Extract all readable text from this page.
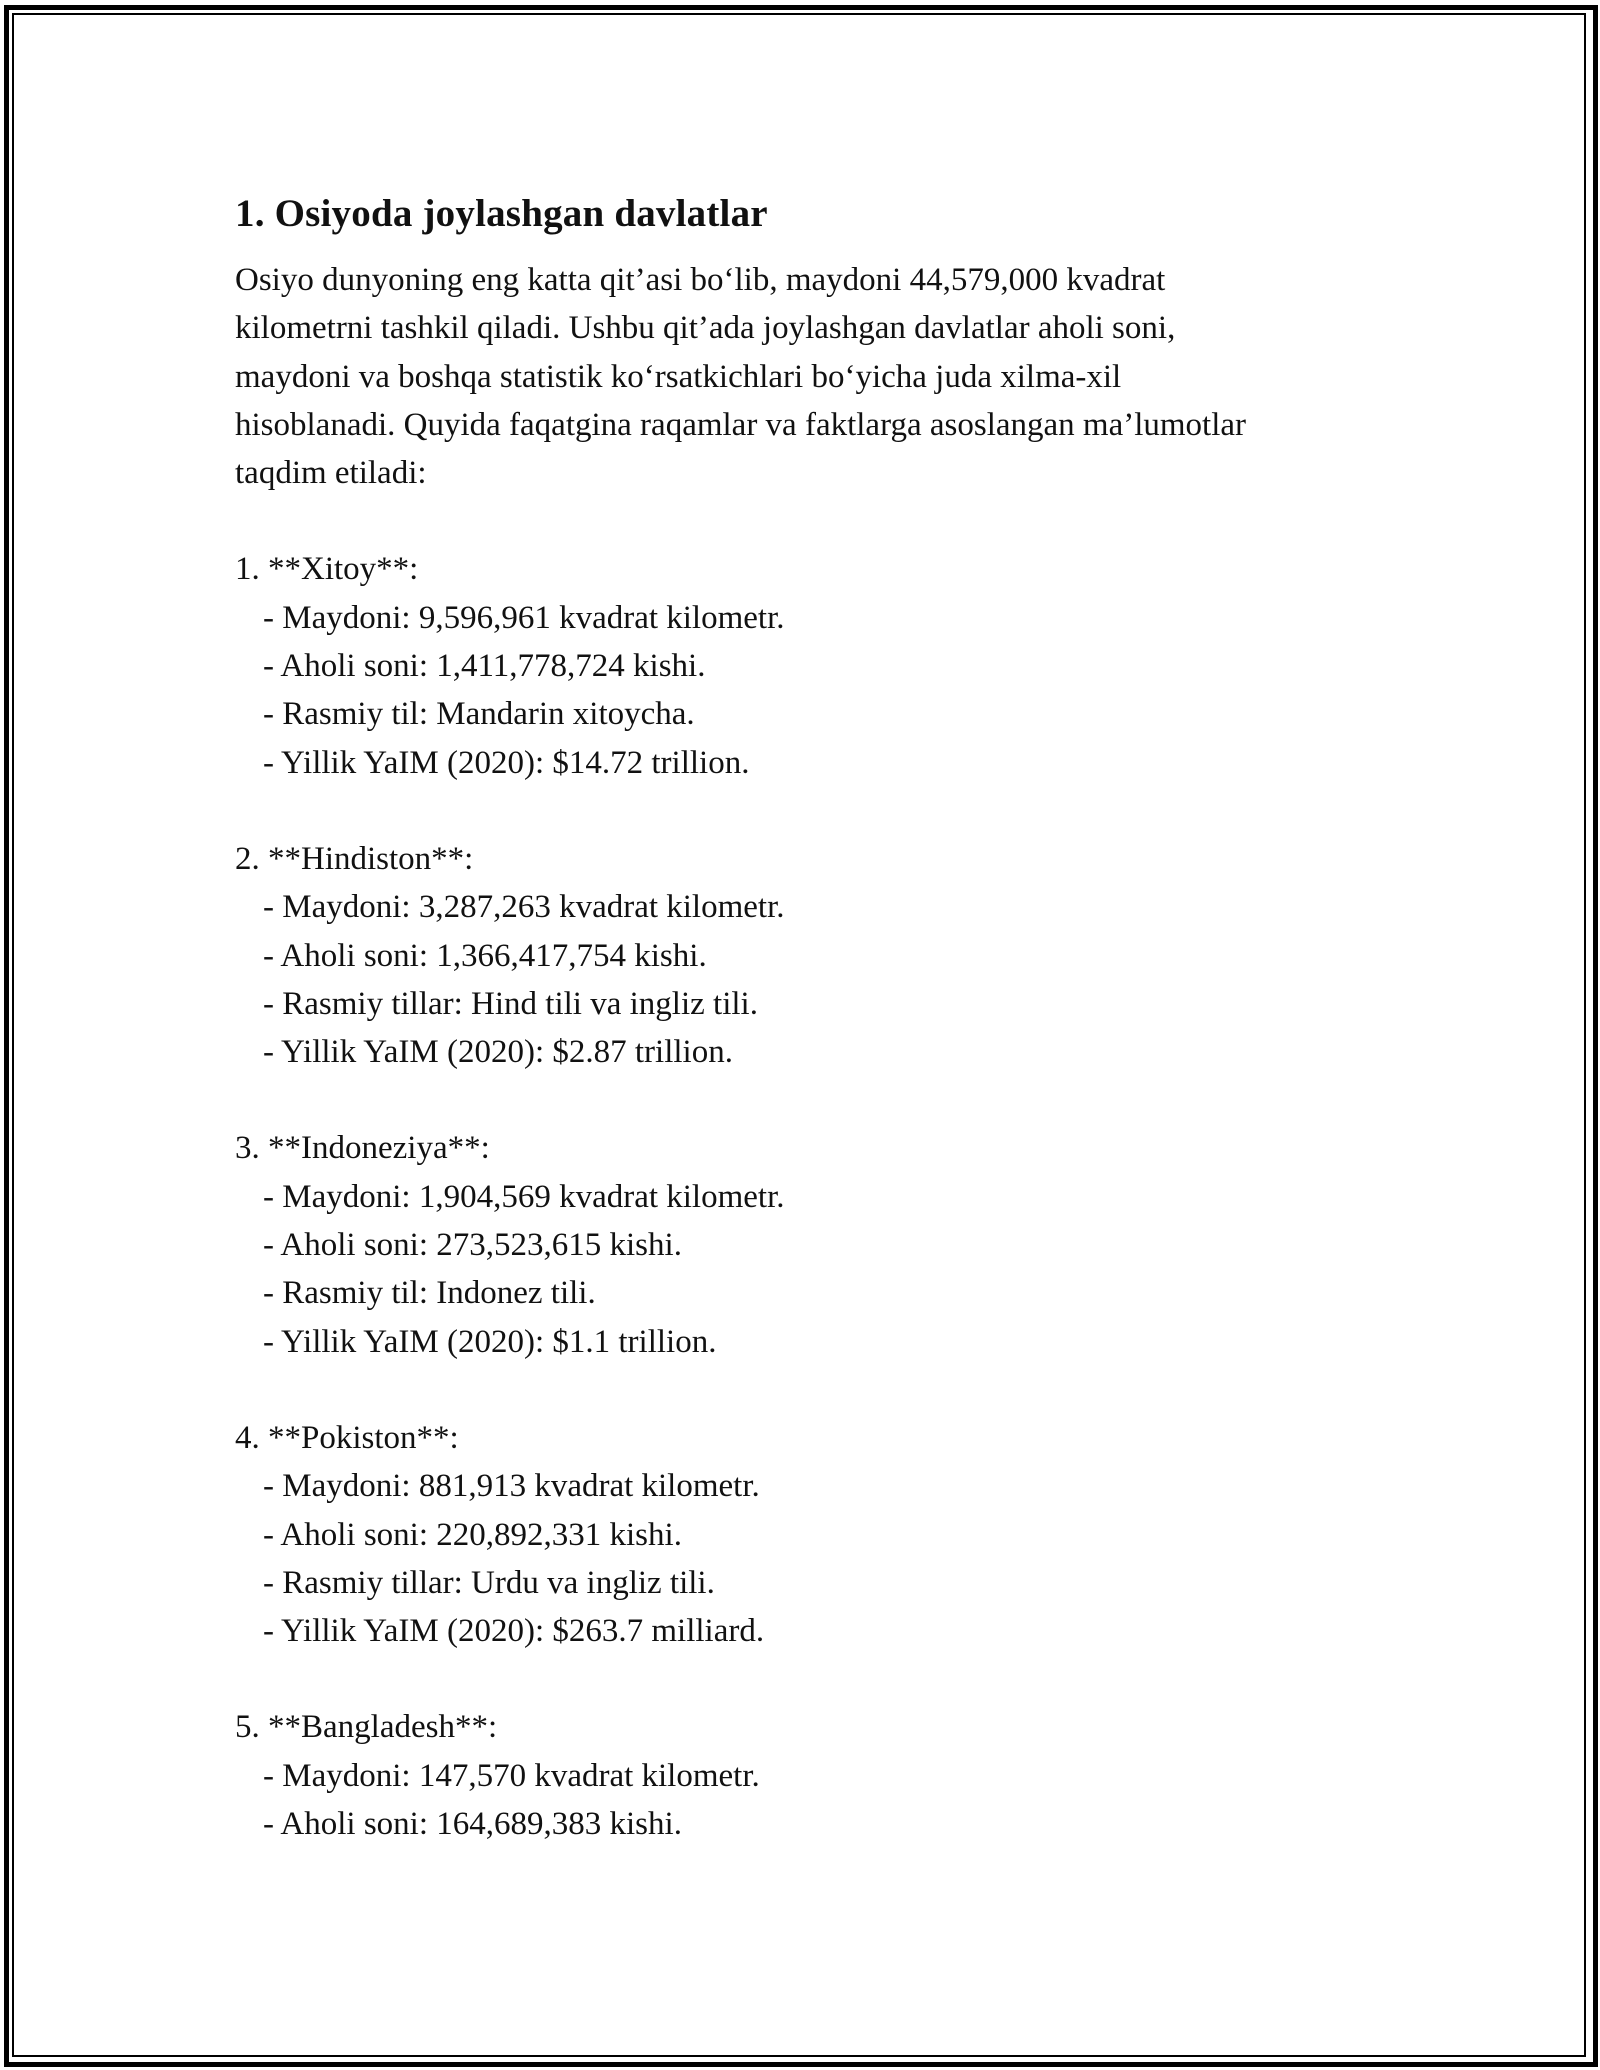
1. Osiyoda joylashgan davlatlar
Osiyo dunyoning eng katta qit’asi bo‘lib, maydoni 44,579,000 kvadrat
kilometrni tashkil qiladi. Ushbu qit’ada joylashgan davlatlar aholi soni,
maydoni va boshqa statistik ko‘rsatkichlari bo‘yicha juda xilma-xil
hisoblanadi. Quyida faqatgina raqamlar va faktlarga asoslangan ma’lumotlar
taqdim etiladi:
1. **Xitoy**:
- Maydoni: 9,596,961 kvadrat kilometr.
- Aholi soni: 1,411,778,724 kishi.
- Rasmiy til: Mandarin xitoycha.
- Yillik YaIM (2020): $14.72 trillion.
2. **Hindiston**:
- Maydoni: 3,287,263 kvadrat kilometr.
- Aholi soni: 1,366,417,754 kishi.
- Rasmiy tillar: Hind tili va ingliz tili.
- Yillik YaIM (2020): $2.87 trillion.
3. **Indoneziya**:
- Maydoni: 1,904,569 kvadrat kilometr.
- Aholi soni: 273,523,615 kishi.
- Rasmiy til: Indonez tili.
- Yillik YaIM (2020): $1.1 trillion.
4. **Pokiston**:
- Maydoni: 881,913 kvadrat kilometr.
- Aholi soni: 220,892,331 kishi.
- Rasmiy tillar: Urdu va ingliz tili.
- Yillik YaIM (2020): $263.7 milliard.
5. **Bangladesh**:
- Maydoni: 147,570 kvadrat kilometr.
- Aholi soni: 164,689,383 kishi.
